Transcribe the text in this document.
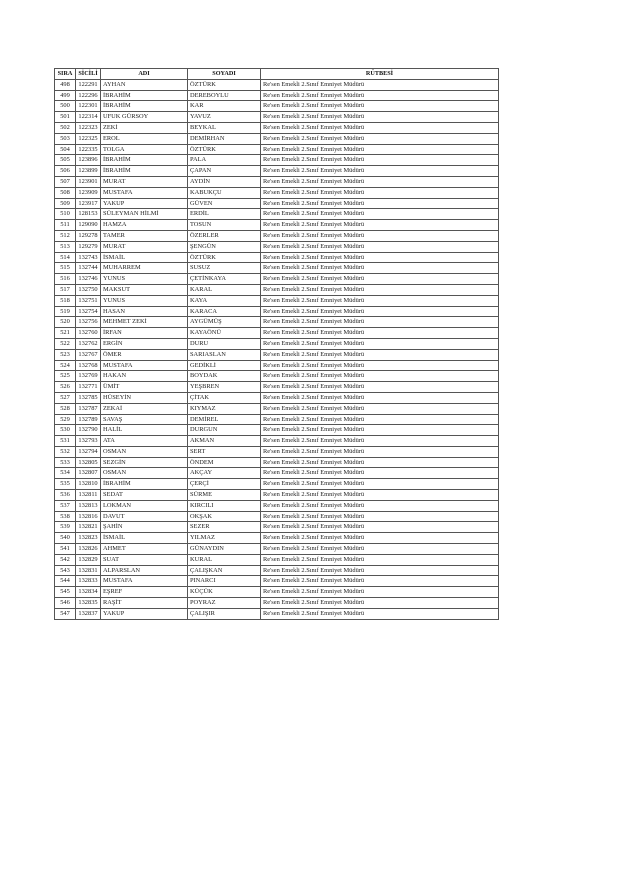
SIRA	SİCİLİ	ADI	SOYADI	RÜTBESİ
498	122291	AYHAN	ÖZTÜRK	Re'sen Emekli 2.Sınıf Emniyet Müdürü
499	122296	İBRAHİM	DEREBOYLU	Re'sen Emekli 2.Sınıf Emniyet Müdürü
500	122301	İBRAHİM	KAR	Re'sen Emekli 2.Sınıf Emniyet Müdürü
501	122314	UFUK GÜRSOY	YAVUZ	Re'sen Emekli 2.Sınıf Emniyet Müdürü
502	122323	ZEKİ	BEYKAL	Re'sen Emekli 2.Sınıf Emniyet Müdürü
503	122325	EROL	DEMİRHAN	Re'sen Emekli 2.Sınıf Emniyet Müdürü
504	122335	TOLGA	ÖZTÜRK	Re'sen Emekli 2.Sınıf Emniyet Müdürü
505	123896	İBRAHİM	PALA	Re'sen Emekli 2.Sınıf Emniyet Müdürü
506	123899	İBRAHİM	ÇAPAN	Re'sen Emekli 2.Sınıf Emniyet Müdürü
507	123901	MURAT	AYDİN	Re'sen Emekli 2.Sınıf Emniyet Müdürü
508	123909	MUSTAFA	KABUKÇU	Re'sen Emekli 2.Sınıf Emniyet Müdürü
509	123917	YAKUP	GÜVEN	Re'sen Emekli 2.Sınıf Emniyet Müdürü
510	128153	SÜLEYMAN HİLMİ	ERDİL	Re'sen Emekli 2.Sınıf Emniyet Müdürü
511	129090	HAMZA	TOSUN	Re'sen Emekli 2.Sınıf Emniyet Müdürü
512	129278	TAMER	ÖZERLER	Re'sen Emekli 2.Sınıf Emniyet Müdürü
513	129279	MURAT	ŞENGÜN	Re'sen Emekli 2.Sınıf Emniyet Müdürü
514	132743	İSMAİL	ÖZTÜRK	Re'sen Emekli 2.Sınıf Emniyet Müdürü
515	132744	MUHARREM	SUSUZ	Re'sen Emekli 2.Sınıf Emniyet Müdürü
516	132746	YUNUS	ÇETİNKAYA	Re'sen Emekli 2.Sınıf Emniyet Müdürü
517	132750	MAKSUT	KARAL	Re'sen Emekli 2.Sınıf Emniyet Müdürü
518	132751	YUNUS	KAYA	Re'sen Emekli 2.Sınıf Emniyet Müdürü
519	132754	HASAN	KARACA	Re'sen Emekli 2.Sınıf Emniyet Müdürü
520	132756	MEHMET ZEKİ	AYGÜMÜŞ	Re'sen Emekli 2.Sınıf Emniyet Müdürü
521	132760	İRFAN	KAYAÖNÜ	Re'sen Emekli 2.Sınıf Emniyet Müdürü
522	132762	ERGİN	DURU	Re'sen Emekli 2.Sınıf Emniyet Müdürü
523	132767	ÖMER	SARIASLAN	Re'sen Emekli 2.Sınıf Emniyet Müdürü
524	132768	MUSTAFA	GEDİKLİ	Re'sen Emekli 2.Sınıf Emniyet Müdürü
525	132769	HAKAN	BOYDAK	Re'sen Emekli 2.Sınıf Emniyet Müdürü
526	132771	ÜMİT	YEŞBREN	Re'sen Emekli 2.Sınıf Emniyet Müdürü
527	132785	HÜSEYİN	ÇİTAK	Re'sen Emekli 2.Sınıf Emniyet Müdürü
528	132787	ZEKAİ	KIYMAZ	Re'sen Emekli 2.Sınıf Emniyet Müdürü
529	132789	SAVAŞ	DEMİREL	Re'sen Emekli 2.Sınıf Emniyet Müdürü
530	132790	HALİL	DURGUN	Re'sen Emekli 2.Sınıf Emniyet Müdürü
531	132793	ATA	AKMAN	Re'sen Emekli 2.Sınıf Emniyet Müdürü
532	132794	OSMAN	SERT	Re'sen Emekli 2.Sınıf Emniyet Müdürü
533	132805	SEZGİN	ÖNDEM	Re'sen Emekli 2.Sınıf Emniyet Müdürü
534	132807	OSMAN	AKÇAY	Re'sen Emekli 2.Sınıf Emniyet Müdürü
535	132810	İBRAHİM	ÇERÇİ	Re'sen Emekli 2.Sınıf Emniyet Müdürü
536	132811	SEDAT	SÜRME	Re'sen Emekli 2.Sınıf Emniyet Müdürü
537	132813	LOKMAN	KIRCILI	Re'sen Emekli 2.Sınıf Emniyet Müdürü
538	132816	DAVUT	OKŞAK	Re'sen Emekli 2.Sınıf Emniyet Müdürü
539	132821	ŞAHİN	SEZER	Re'sen Emekli 2.Sınıf Emniyet Müdürü
540	132823	İSMAİL	YILMAZ	Re'sen Emekli 2.Sınıf Emniyet Müdürü
541	132826	AHMET	GÜNAYDIN	Re'sen Emekli 2.Sınıf Emniyet Müdürü
542	132829	SUAT	KURAL	Re'sen Emekli 2.Sınıf Emniyet Müdürü
543	132831	ALPARSLAN	ÇALIŞKAN	Re'sen Emekli 2.Sınıf Emniyet Müdürü
544	132833	MUSTAFA	PINARCI	Re'sen Emekli 2.Sınıf Emniyet Müdürü
545	132834	EŞREF	KÜÇÜK	Re'sen Emekli 2.Sınıf Emniyet Müdürü
546	132835	RAŞİT	POYRAZ	Re'sen Emekli 2.Sınıf Emniyet Müdürü
547	132837	YAKUP	ÇALIŞIR	Re'sen Emekli 2.Sınıf Emniyet Müdürü
